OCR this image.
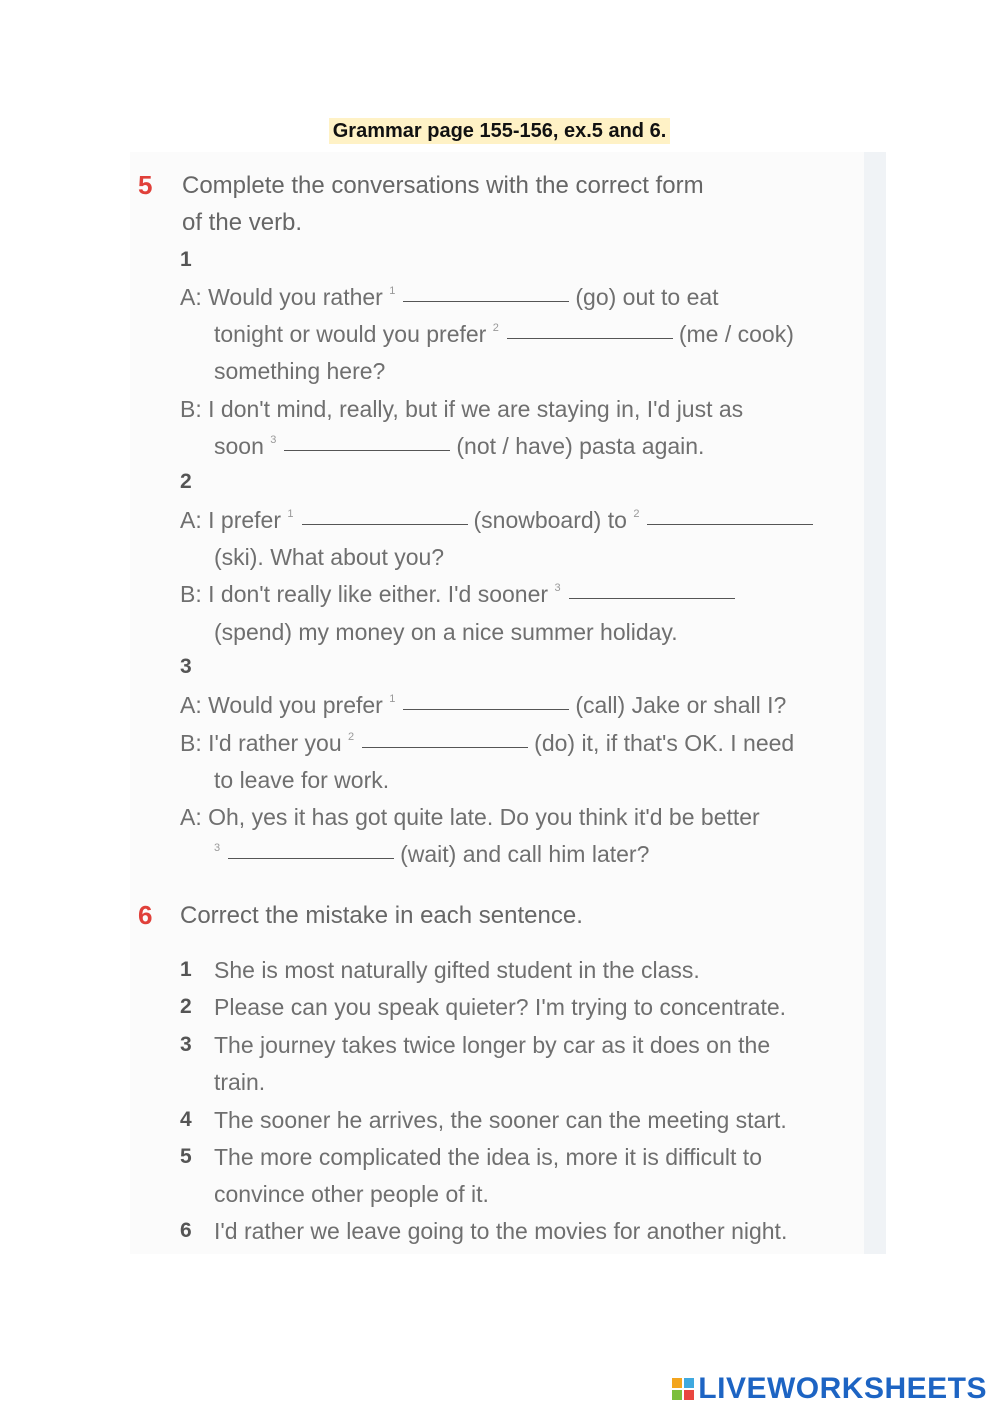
Grammar page 155-156, ex.5 and 6.
5 Complete the conversations with the correct form
of the verb.
1
A: Would you rather $^1$	(go) out to eat
tonight or would you prefer $^2$	(me / cook)
something here?
B: I don't mind, really, but if we are staying in, I'd just as
soon $^3$	(not / have) pasta again.
2
A: I prefer $^1$	(snowboard) to $^2$
(ski). What about you?
B: I don't really like either. I'd sooner $^3$
(spend) my money on a nice summer holiday.
3
A: Would you prefer $^1$	(call) Jake or shall I?
B: I'd rather you $^2$	(do) it, if that's OK. I need
to leave for work.
A: Oh, yes it has got quite late. Do you think it'd be better
$^3$	(wait) and call him later?
6 Correct the mistake in each sentence.
1 She is most naturally gifted student in the class.
2 Please can you speak quieter? I'm trying to concentrate.
3 The journey takes twice longer by car as it does on the
train.
4 The sooner he arrives, the sooner can the meeting start.
5 The more complicated the idea is, more it is difficult to
convince other people of it.
6 I'd rather we leave going to the movies for another night.
LIVEWORKSHEETS
